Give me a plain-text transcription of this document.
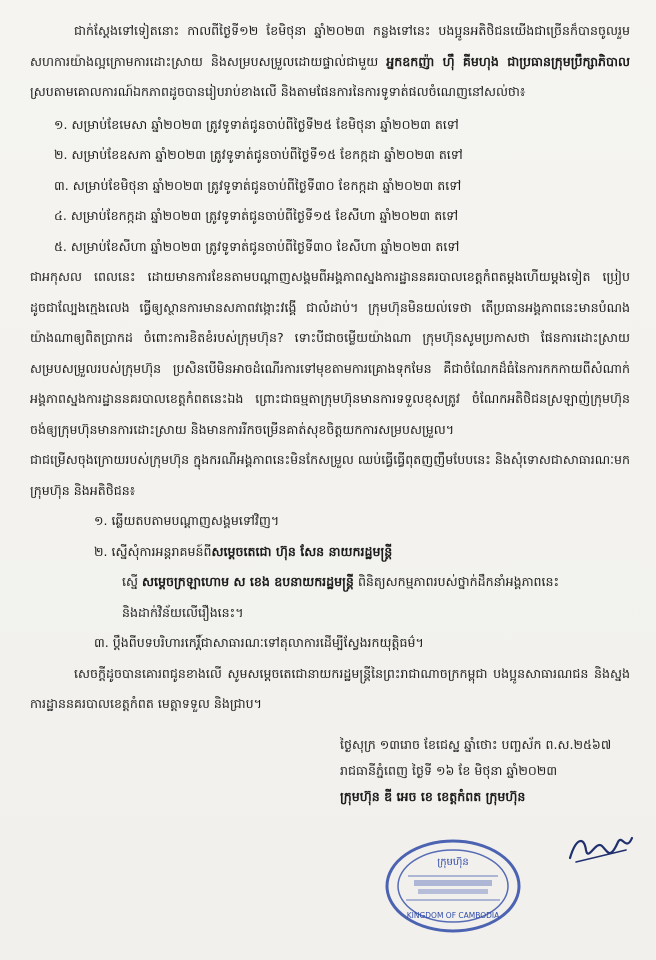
ជាក់ស្តែងទៅទៀតនោះ កាលពីថ្ងៃទី១២ ខែមិថុនា ឆ្នាំ២០២៣ កន្លងទៅនេះ បងប្អូនអតិថិជនយើងជាច្រើនក៏បានចូលរួមសហការយ៉ាងល្អក្រោមការដោះស្រាយ និងសម្របសម្រួលដោយផ្ទាល់ជាមួយ អ្នកឧកញ៉ា ហ៊ឹ គីមហុង ជាប្រធានក្រុមប្រឹក្សាភិបាល ស្របតាមគោលការណ៍ឯកភាពដូចបានរៀបរាប់ខាងលើ និងតាមផែនការនៃការទូទាត់ផលចំណេញនៅសល់ថា៖

១. សម្រាប់ខែមេសា ឆ្នាំ២០២៣ ត្រូវទូទាត់ជូនចាប់ពីថ្ងៃទី២៥ ខែមិថុនា ឆ្នាំ២០២៣ តទៅ
២. សម្រាប់ខែឧសភា ឆ្នាំ២០២៣ ត្រូវទូទាត់ជូនចាប់ពីថ្ងៃទី១៥ ខែកក្កដា ឆ្នាំ២០២៣ តទៅ
៣. សម្រាប់ខែមិថុនា ឆ្នាំ២០២៣ ត្រូវទូទាត់ជូនចាប់ពីថ្ងៃទី៣០ ខែកក្កដា ឆ្នាំ២០២៣ តទៅ
៤. សម្រាប់ខែកក្កដា ឆ្នាំ២០២៣ ត្រូវទូទាត់ជូនចាប់ពីថ្ងៃទី១៥ ខែសីហា ឆ្នាំ២០២៣ តទៅ
៥. សម្រាប់ខែសីហា ឆ្នាំ២០២៣ ត្រូវទូទាត់ជូនចាប់ពីថ្ងៃទី៣០ ខែសីហា ឆ្នាំ២០២៣ តទៅ

ជាអកុសល ពេលនេះ ដោយមានការខែនតាមបណ្តាញសង្គមពីអង្គភាពស្នងការដ្ឋាននគរបាលខេត្តកំពតម្តងហើយម្តងទៀត ប្រៀបដូចជាល្បែងក្មេងលេង ធ្វើឲ្យស្ថានការមានសភាពវង្កោះវង្គើ ជាលំដាប់។ ក្រុមហ៊ុនមិនយល់ទេថា តើប្រធានអង្គភាពនេះមានបំណងយ៉ាងណាឲ្យពិតប្រាកដ ចំពោះការខិតខំរបស់ក្រុមហ៊ុន? ទោះបីជាចម្លើយយ៉ាងណា ក្រុមហ៊ុនសូមប្រកាសថា ផែនការដោះស្រាយសម្របសម្រួលរបស់ក្រុមហ៊ុន ប្រសិនបើមិនអាចដំណើរការទៅមុខតាមការគ្រោងទុកមែន គឺជាចំណែកដ៏ធំនៃការកកកាយពីសំណាក់អង្គភាពស្នងការដ្ឋាននគរបាលខេត្តកំពតនេះឯង ព្រោះជាធម្មតាក្រុមហ៊ុនមានការទទួលខុសត្រូវ ចំណែកអតិថិជនស្រឡាញ់ក្រុមហ៊ុនចង់ឲ្យក្រុមហ៊ុនមានការដោះស្រាយ និងមានការរីកចម្រើនគាត់សុខចិត្តយកការសម្របសម្រួល។

ជាជម្រើសចុងក្រោយរបស់ក្រុមហ៊ុន ក្នុងករណីអង្គភាពនេះមិនកែសម្រួល ឈប់ធ្វើធ្វើពុតញញឹមបែបនេះ និងសុំទោសជាសាធារណៈមកក្រុមហ៊ុន និងអតិថិជន៖

១. ឆ្លើយតបតាមបណ្តាញសង្គមទៅវិញ។

២. ស្នើសុំការអន្តរាគមន៍ពីសម្តេចតេជោ ហ៊ុន សែន នាយករដ្ឋមន្ត្រី

ស្នើ សម្តេចក្រឡាហោម ស ខេង ឧបនាយករដ្ឋមន្ត្រី ពិនិត្យសកម្មភាពរបស់ថ្នាក់ដឹកនាំអង្គភាពនេះ

និងដាក់វិន័យលើរឿងនេះ។

៣. ប្តឹងពីបទបរិហារកេរ្តិ៍ជាសាធារណៈទៅតុលាការដើម្បីស្វែងរកយុត្តិធម៌។

សេចក្តីដូចបានគោរពជូនខាងលើ សូមសម្តេចតេជោនាយករដ្ឋមន្ត្រីនៃព្រះរាជាណាចក្រកម្ពុជា បងប្អូនសាធារណជន និងស្នងការដ្ឋាននគរបាលខេត្តកំពត មេត្តាទទួល និងជ្រាប។

ថ្ងៃសុក្រ ១៣រោច ខែជេស្ឋ ឆ្នាំថោះ បញ្ចស័ក ព.ស.២៥៦៧

រាជធានីភ្នំពេញ ថ្ងៃទី ១៦ ខែ មិថុនា ឆ្នាំ២០២៣

ក្រុមហ៊ុន ឌី អេច ខេ ខេត្តកំពត ក្រុមហ៊ុន

ក្រុមហ៊ុន
KINGDOM OF CAMBODIA
